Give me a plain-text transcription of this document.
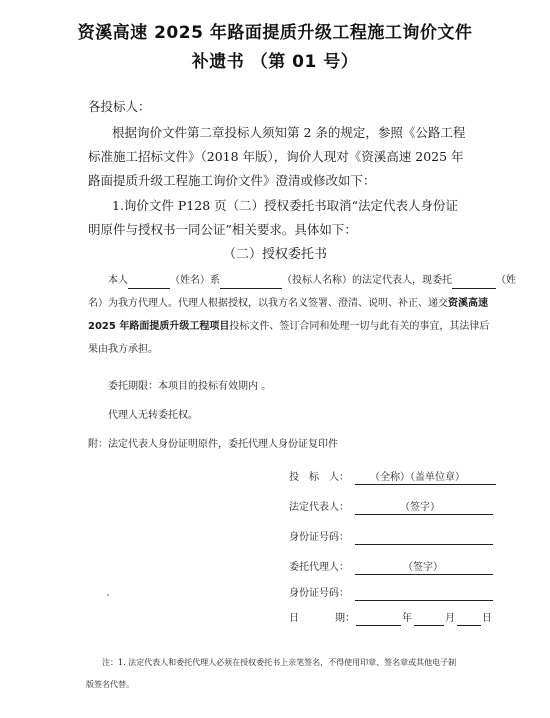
资溪高速 2025 年路面提质升级工程施工询价文件
补遗书 （第 01 号）
各投标人：
根据询价文件第二章投标人须知第 2 条的规定，参照《公路工程
标准施工招标文件》（2018 年版），询价人现对《资溪高速 2025 年
路面提质升级工程施工询价文件》澄清或修改如下：
1.询价文件 P128 页（二）授权委托书取消“法定代表人身份证
明原件与授权书一同公证”相关要求。具体如下：
（二）授权委托书
本人	（姓名）系	（投标人名称）的法定代表人，现委托	（姓
名）为我方代理人。代理人根据授权，以我方名义签署、澄清、说明、补正、递交资溪高速
2025 年路面提质升级工程项目投标文件、签订合同和处理一切与此有关的事宜，其法律后
果由我方承担。
委托期限：本项目的投标有效期内 。
代理人无转委托权。
附：法定代表人身份证明原件，委托代理人身份证复印件
投　标　人： （全称）（盖单位章）
法定代表人：	（签字）
身份证号码：
委托代理人：	（签字）
身份证号码：
日	期：	年	月	日
注：1. 法定代表人和委托代理人必须在授权委托书上亲笔签名，不得使用印章、签名章或其他电子制
版签名代替。
